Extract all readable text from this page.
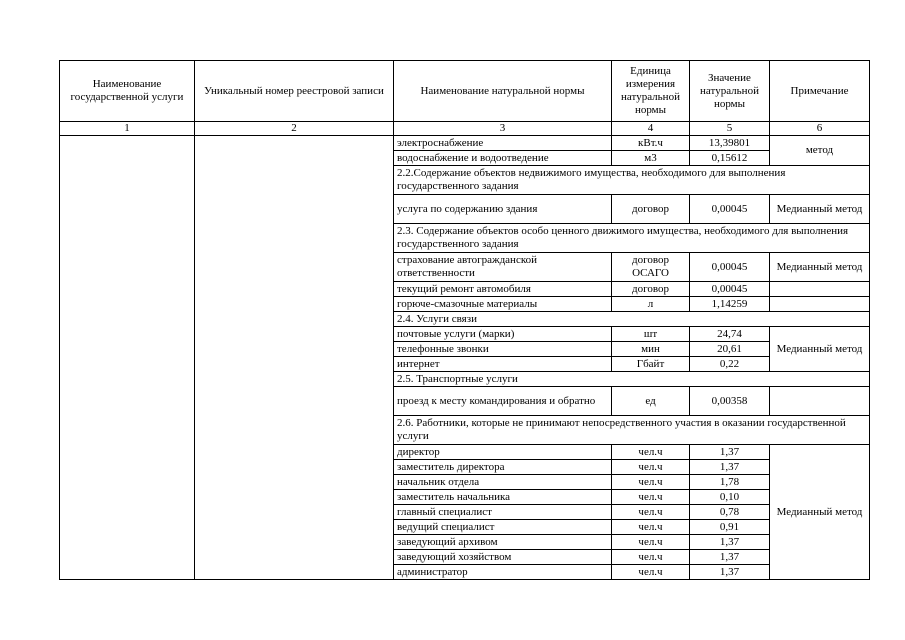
Наименование государственной услуги	Уникальный номер реестровой записи	Наименование натуральной нормы	Единица измерения натуральной нормы	Значение натуральной нормы	Примечание
1	2	3	4	5	6
		электроснабжение	кВт.ч	13,39801	метод
		водоснабжение и водоотведение	м3	0,15612	
		2.2.Содержание объектов недвижимого имущества, необходимого для выполнения государственного задания			
		услуга по содержанию здания	договор	0,00045	Медианный метод
		2.3. Содержание объектов особо ценного движимого имущества, необходимого для выполнения государственного задания			
		страхование автогражданской ответственности	договор ОСАГО	0,00045	Медианный метод
		текущий ремонт автомобиля	договор	0,00045	
		горюче-смазочные материалы	л	1,14259	
		2.4. Услуги связи			
		почтовые услуги (марки)	шт	24,74	Медианный метод
		телефонные звонки	мин	20,61	
		интернет	Гбайт	0,22	
		2.5. Транспортные услуги			
		проезд к месту командирования и обратно	ед	0,00358	
		2.6. Работники, которые не принимают непосредственного участия в оказании государственной услуги			
		директор	чел.ч	1,37	Медианный метод
		заместитель директора	чел.ч	1,37	
		начальник отдела	чел.ч	1,78	
		заместитель начальника	чел.ч	0,10	
		главный специалист	чел.ч	0,78	
		ведущий специалист	чел.ч	0,91	
		заведующий архивом	чел.ч	1,37	
		заведующий хозяйством	чел.ч	1,37	
		администратор	чел.ч	1,37	
